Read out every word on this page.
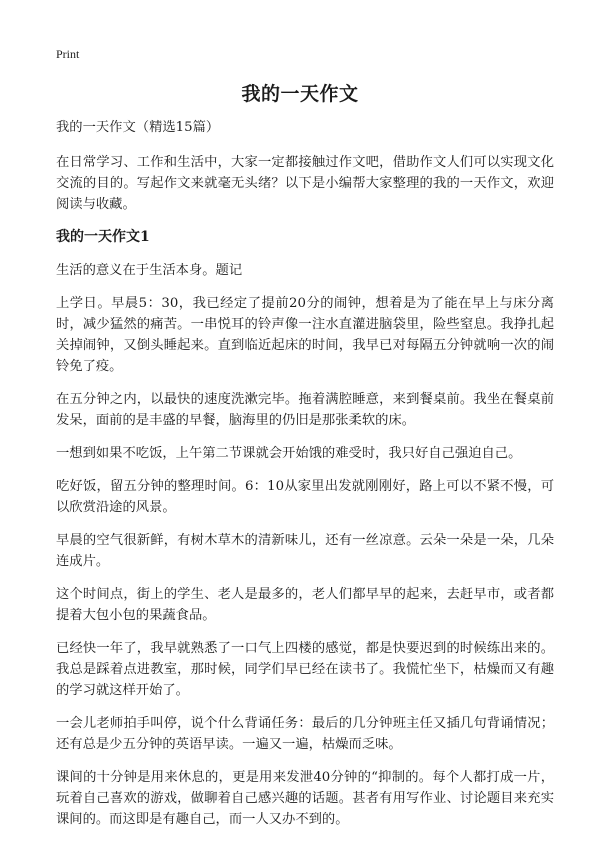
Print
我的一天作文

我的一天作文（精选15篇）

在日常学习、工作和生活中，大家一定都接触过作文吧，借助作文人们可以实现文化交流的目的。写起作文来就毫无头绪？以下是小编帮大家整理的我的一天作文，欢迎阅读与收藏。

我的一天作文1

生活的意义在于生活本身。题记

上学日。早晨5：30，我已经定了提前20分的闹钟，想着是为了能在早上与床分离时，减少猛然的痛苦。一串悦耳的铃声像一注水直灌进脑袋里，险些窒息。我挣扎起关掉闹钟，又倒头睡起来。直到临近起床的时间，我早已对每隔五分钟就响一次的闹铃免了疫。

在五分钟之内，以最快的速度洗漱完毕。拖着满腔睡意，来到餐桌前。我坐在餐桌前发呆，面前的是丰盛的早餐，脑海里的仍旧是那张柔软的床。

一想到如果不吃饭，上午第二节课就会开始饿的难受时，我只好自己强迫自己。

吃好饭，留五分钟的整理时间。6：10从家里出发就刚刚好，路上可以不紧不慢，可以欣赏沿途的风景。

早晨的空气很新鲜，有树木草木的清新味儿，还有一丝凉意。云朵一朵是一朵，几朵连成片。

这个时间点，街上的学生、老人是最多的，老人们都早早的起来，去赶早市，或者都提着大包小包的果蔬食品。

已经快一年了，我早就熟悉了一口气上四楼的感觉，都是快要迟到的时候练出来的。我总是踩着点进教室，那时候，同学们早已经在读书了。我慌忙坐下，枯燥而又有趣的学习就这样开始了。

一会儿老师拍手叫停，说个什么背诵任务：最后的几分钟班主任又插几句背诵情况；还有总是少五分钟的英语早读。一遍又一遍，枯燥而乏味。

课间的十分钟是用来休息的，更是用来发泄40分钟的“抑制的。每个人都打成一片，玩着自己喜欢的游戏，做聊着自己感兴趣的话题。甚者有用写作业、讨论题目来充实课间的。而这即是有趣自己，而一人又办不到的。
